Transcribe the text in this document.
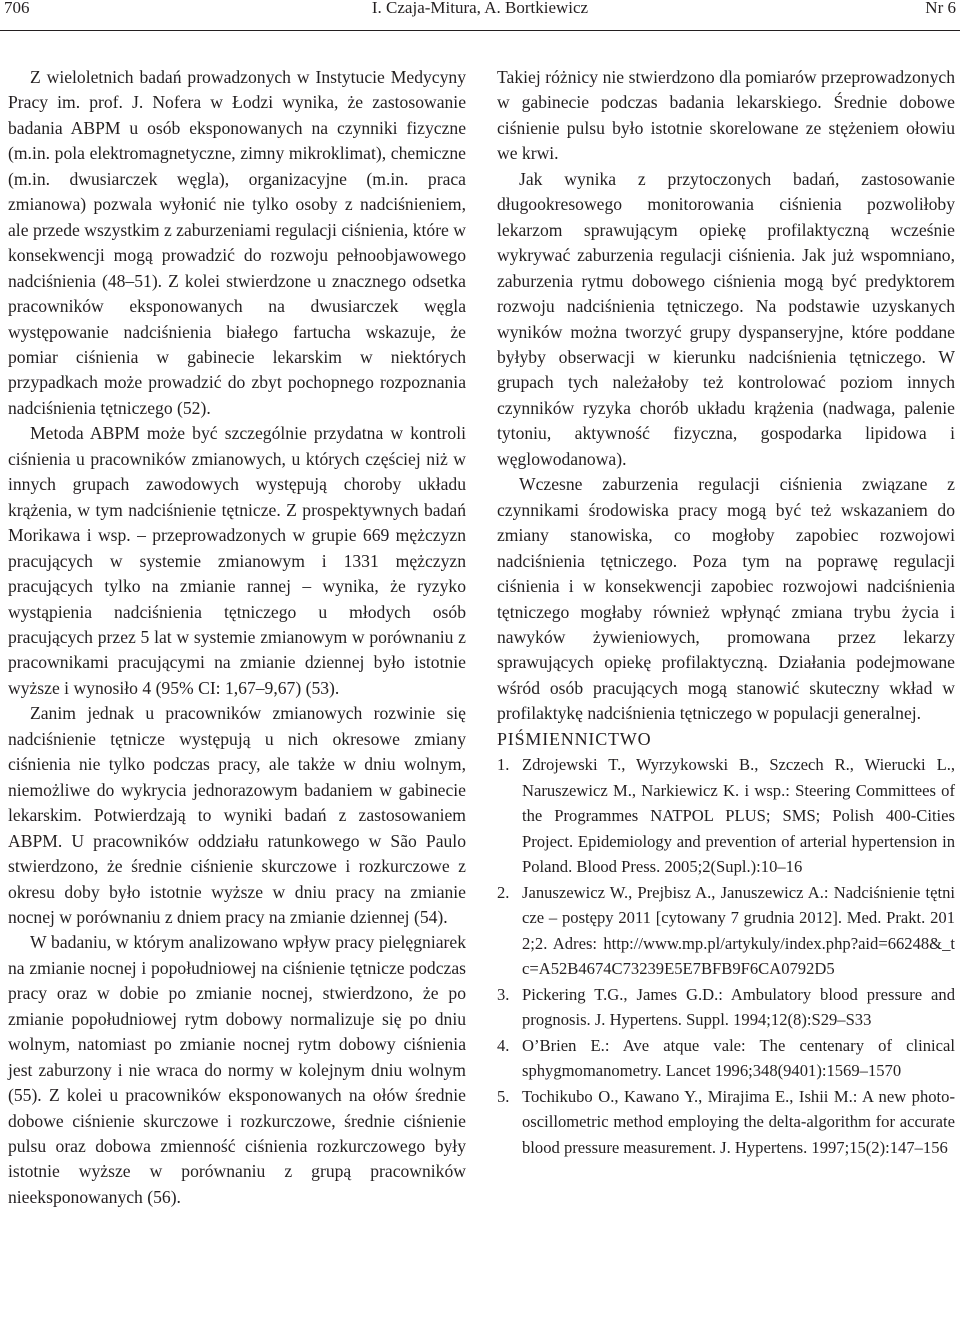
706	I. Czaja-Mitura, A. Bortkiewicz	Nr 6

Z wieloletnich badań prowadzonych w Instytucie Medycyny Pracy im. prof. J. Nofera w Łodzi wynika, że zastosowanie badania ABPM u osób eksponowanych na czynniki fizyczne (m.in. pola elektromagnetyczne, zimny mikroklimat), chemiczne (m.in. dwusiarczek węgla), organizacyjne (m.in. praca zmianowa) pozwala wyłonić nie tylko osoby z nadciśnieniem, ale przede wszystkim z zaburzeniami regulacji ciśnienia, które w konsekwencji mogą prowadzić do rozwoju pełnoobjawowego nadciśnienia (48–51). Z kolei stwierdzone u znacznego odsetka pracowników eksponowanych na dwusiarczek węgla występowanie nadciśnienia białego fartucha wskazuje, że pomiar ciśnienia w gabinecie lekarskim w niektórych przypadkach może prowadzić do zbyt pochopnego rozpoznania nadciśnienia tętniczego (52).

Metoda ABPM może być szczególnie przydatna w kontroli ciśnienia u pracowników zmianowych, u których częściej niż w innych grupach zawodowych występują choroby układu krążenia, w tym nadciśnienie tętnicze. Z prospektywnych badań Morikawa i wsp. – przeprowadzonych w grupie 669 mężczyzn pracujących w systemie zmianowym i 1331 mężczyzn pracujących tylko na zmianie rannej – wynika, że ryzyko wystąpienia nadciśnienia tętniczego u młodych osób pracujących przez 5 lat w systemie zmianowym w porównaniu z pracownikami pracującymi na zmianie dziennej było istotnie wyższe i wynosiło 4 (95% CI: 1,67–9,67) (53).

Zanim jednak u pracowników zmianowych rozwinie się nadciśnienie tętnicze występują u nich okresowe zmiany ciśnienia nie tylko podczas pracy, ale także w dniu wolnym, niemożliwe do wykrycia jednorazowym badaniem w gabinecie lekarskim. Potwierdzają to wyniki badań z zastosowaniem ABPM. U pracowników oddziału ratunkowego w São Paulo stwierdzono, że średnie ciśnienie skurczowe i rozkurczowe z okresu doby było istotnie wyższe w dniu pracy na zmianie nocnej w porównaniu z dniem pracy na zmianie dziennej (54).

W badaniu, w którym analizowano wpływ pracy pielęgniarek na zmianie nocnej i popołudniowej na ciśnienie tętnicze podczas pracy oraz w dobie po zmianie nocnej, stwierdzono, że po zmianie popołudniowej rytm dobowy normalizuje się po dniu wolnym, natomiast po zmianie nocnej rytm dobowy ciśnienia jest zaburzony i nie wraca do normy w kolejnym dniu wolnym (55). Z kolei u pracowników eksponowanych na ołów średnie dobowe ciśnienie skurczowe i rozkurczowe, średnie ciśnienie pulsu oraz dobowa zmienność ciśnienia rozkurczowego były istotnie wyższe w porównaniu z grupą pracowników nieeksponowanych (56).

Takiej różnicy nie stwierdzono dla pomiarów przeprowadzonych w gabinecie podczas badania lekarskiego. Średnie dobowe ciśnienie pulsu było istotnie skorelowane ze stężeniem ołowiu we krwi.

Jak wynika z przytoczonych badań, zastosowanie długookresowego monitorowania ciśnienia pozwoliłoby lekarzom sprawującym opiekę profilaktyczną wcześnie wykrywać zaburzenia regulacji ciśnienia. Jak już wspomniano, zaburzenia rytmu dobowego ciśnienia mogą być predyktorem rozwoju nadciśnienia tętniczego. Na podstawie uzyskanych wyników można tworzyć grupy dyspanseryjne, które poddane byłyby obserwacji w kierunku nadciśnienia tętniczego. W grupach tych należałoby też kontrolować poziom innych czynników ryzyka chorób układu krążenia (nadwaga, palenie tytoniu, aktywność fizyczna, gospodarka lipidowa i węglowodanowa).

Wczesne zaburzenia regulacji ciśnienia związane z czynnikami środowiska pracy mogą być też wskazaniem do zmiany stanowiska, co mogłoby zapobiec rozwojowi nadciśnienia tętniczego. Poza tym na poprawę regulacji ciśnienia i w konsekwencji zapobiec rozwojowi nadciśnienia tętniczego mogłaby również wpłynąć zmiana trybu życia i nawyków żywieniowych, promowana przez lekarzy sprawujących opiekę profilaktyczną. Działania podejmowane wśród osób pracujących mogą stanowić skuteczny wkład w profilaktykę nadciśnienia tętniczego w populacji generalnej.

PIŚMIENNICTWO

1. Zdrojewski T., Wyrzykowski B., Szczech R., Wierucki L., Naruszewicz M., Narkiewicz K. i wsp.: Steering Committees of the Programmes NATPOL PLUS; SMS; Polish 400-Cities Project. Epidemiology and prevention of arterial hypertension in Poland. Blood Press. 2005;2(Supl.):10–16
2. Januszewicz W., Prejbisz A., Januszewicz A.: Nadciśnienie tętnicze – postępy 2011 [cytowany 7 grudnia 2012]. Med. Prakt. 2012;2. Adres: http://www.mp.pl/artykuly/index.php?aid=66248&_tc=A52B4674C73239E5E7BFB9F6CA0792D5
3. Pickering T.G., James G.D.: Ambulatory blood pressure and prognosis. J. Hypertens. Suppl. 1994;12(8):S29–S33
4. O’Brien E.: Ave atque vale: The centenary of clinical sphygmomanometry. Lancet 1996;348(9401):1569–1570
5. Tochikubo O., Kawano Y., Mirajima E., Ishii M.: A new photo-oscillometric method employing the delta-algorithm for accurate blood pressure measurement. J. Hypertens. 1997;15(2):147–156
